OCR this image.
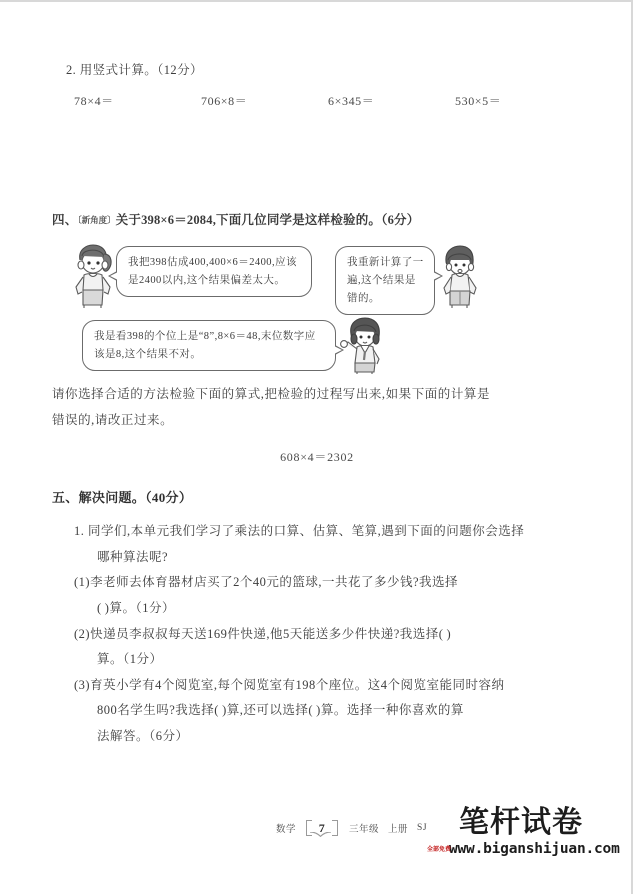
2. 用竖式计算。（12分）
78×4＝	706×8＝	6×345＝	530×5＝
四、〔新角度〕关于398×6＝2084,下面几位同学是这样检验的。（6分）
我把398估成400,400×6＝2400,应该是2400以内,这个结果偏差太大。
我重新计算了一遍,这个结果是错的。
我是看398的个位上是“8”,8×6＝48,末位数字应该是8,这个结果不对。
请你选择合适的方法检验下面的算式,把检验的过程写出来,如果下面的计算是
错误的,请改正过来。
608×4＝2302
五、解决问题。（40分）
1. 同学们,本单元我们学习了乘法的口算、估算、笔算,遇到下面的问题你会选择
哪种算法呢?
(1)李老师去体育器材店买了2个40元的篮球,一共花了多少钱?我选择
( )算。（1分）
(2)快递员李叔叔每天送169件快递,他5天能送多少件快递?我选择( )
算。（1分）
(3)育英小学有4个阅览室,每个阅览室有198个座位。这4个阅览室能同时容纳
800名学生吗?我选择( )算,还可以选择( )算。选择一种你喜欢的算
法解答。（6分）
数学 7	三年级 上册 SJ	笔杆试卷
全部免费
www.biganshijuan.com
